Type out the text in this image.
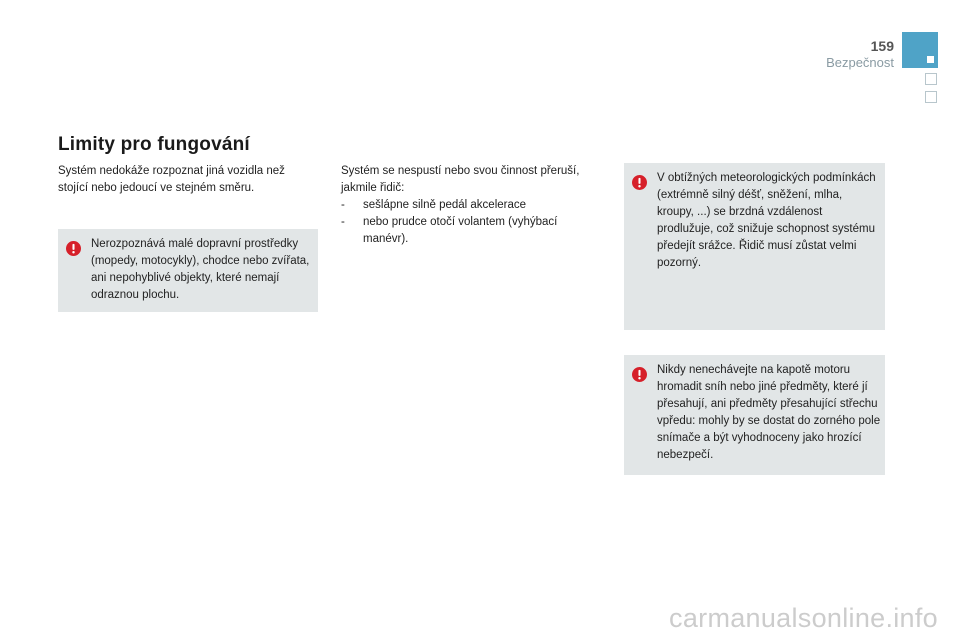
159
Bezpečnost
Limity pro fungování

Systém nedokáže rozpoznat jiná vozidla než stojící nebo jedoucí ve stejném směru.

Nerozpoznává malé dopravní prostředky (mopedy, motocykly), chodce nebo zvířata, ani nepohyblivé objekty, které nemají odraznou plochu.

Systém se nespustí nebo svou činnost přeruší, jakmile řidič:

-	sešlápne silně pedál akcelerace
-	nebo prudce otočí volantem (vyhýbací manévr).

V obtížných meteorologických podmínkách (extrémně silný déšť, sněžení, mlha, kroupy, ...) se brzdná vzdálenost prodlužuje, což snižuje schopnost systému předejít srážce. Řidič musí zůstat velmi pozorný.

Nikdy nenechávejte na kapotě motoru hromadit sníh nebo jiné předměty, které jí přesahují, ani předměty přesahující střechu vpředu: mohly by se dostat do zorného pole snímače a být vyhodnoceny jako hrozící nebezpečí.

carmanualsonline.info
